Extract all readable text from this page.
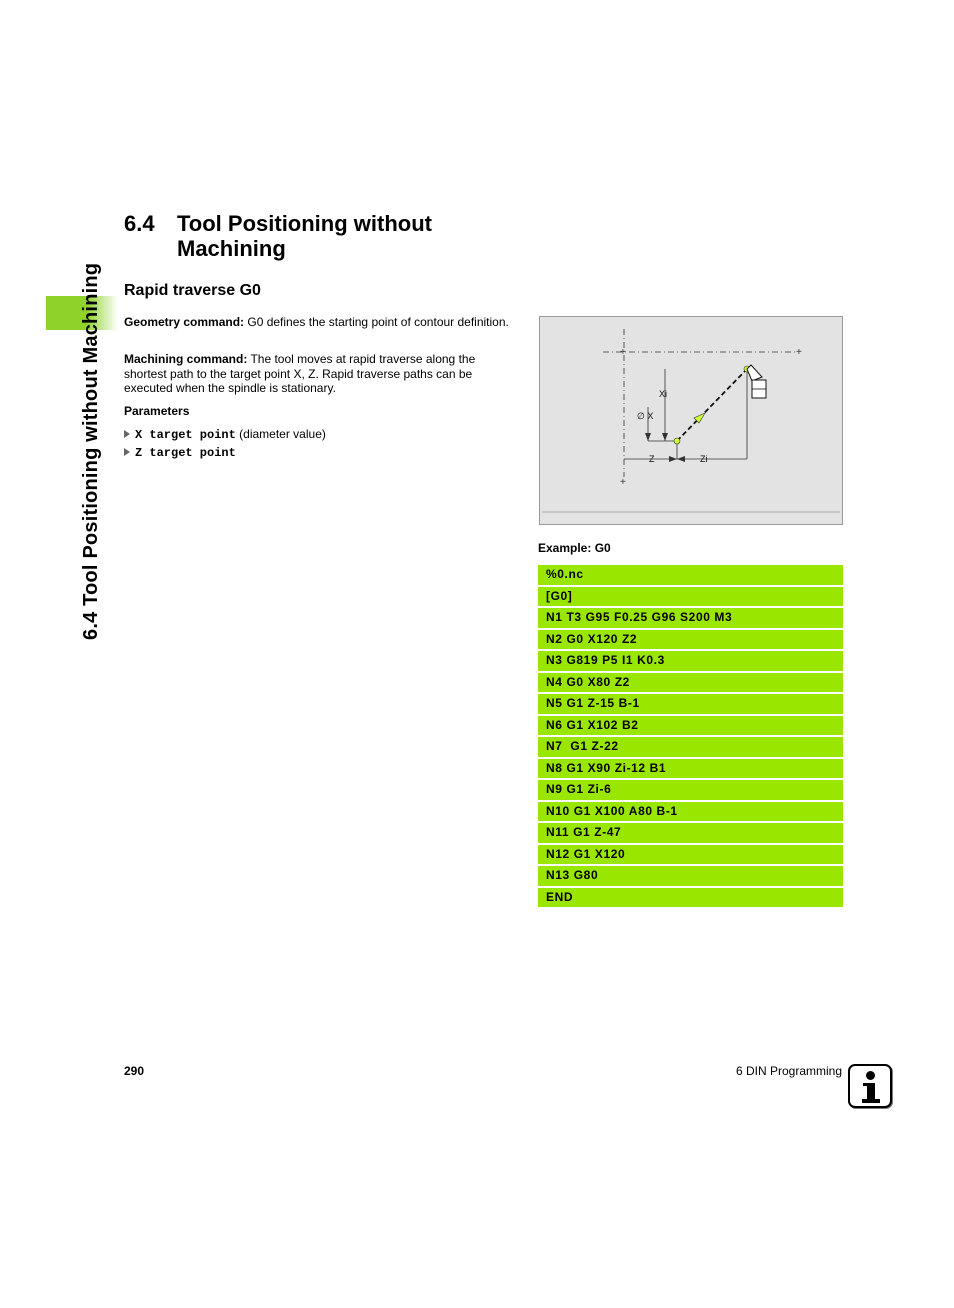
6.4 Tool Positioning without Machining
6.4 Tool Positioning without Machining
Rapid traverse G0
Geometry command: G0 defines the starting point of contour definition.
Machining command: The tool moves at rapid traverse along the shortest path to the target point X, Z. Rapid traverse paths can be executed when the spindle is stationary.
Parameters
X target point (diameter value)
Z target point
+
+
+
Xi
∅ X
Z	Zi
Example: G0
%0.nc
[G0]
N1 T3 G95 F0.25 G96 S200 M3
N2 G0 X120 Z2
N3 G819 P5 I1 K0.3
N4 G0 X80 Z2
N5 G1 Z-15 B-1
N6 G1 X102 B2
N7  G1 Z-22
N8 G1 X90 Zi-12 B1
N9 G1 Zi-6
N10 G1 X100 A80 B-1
N11 G1 Z-47
N12 G1 X120
N13 G80
END
290	6 DIN Programming
